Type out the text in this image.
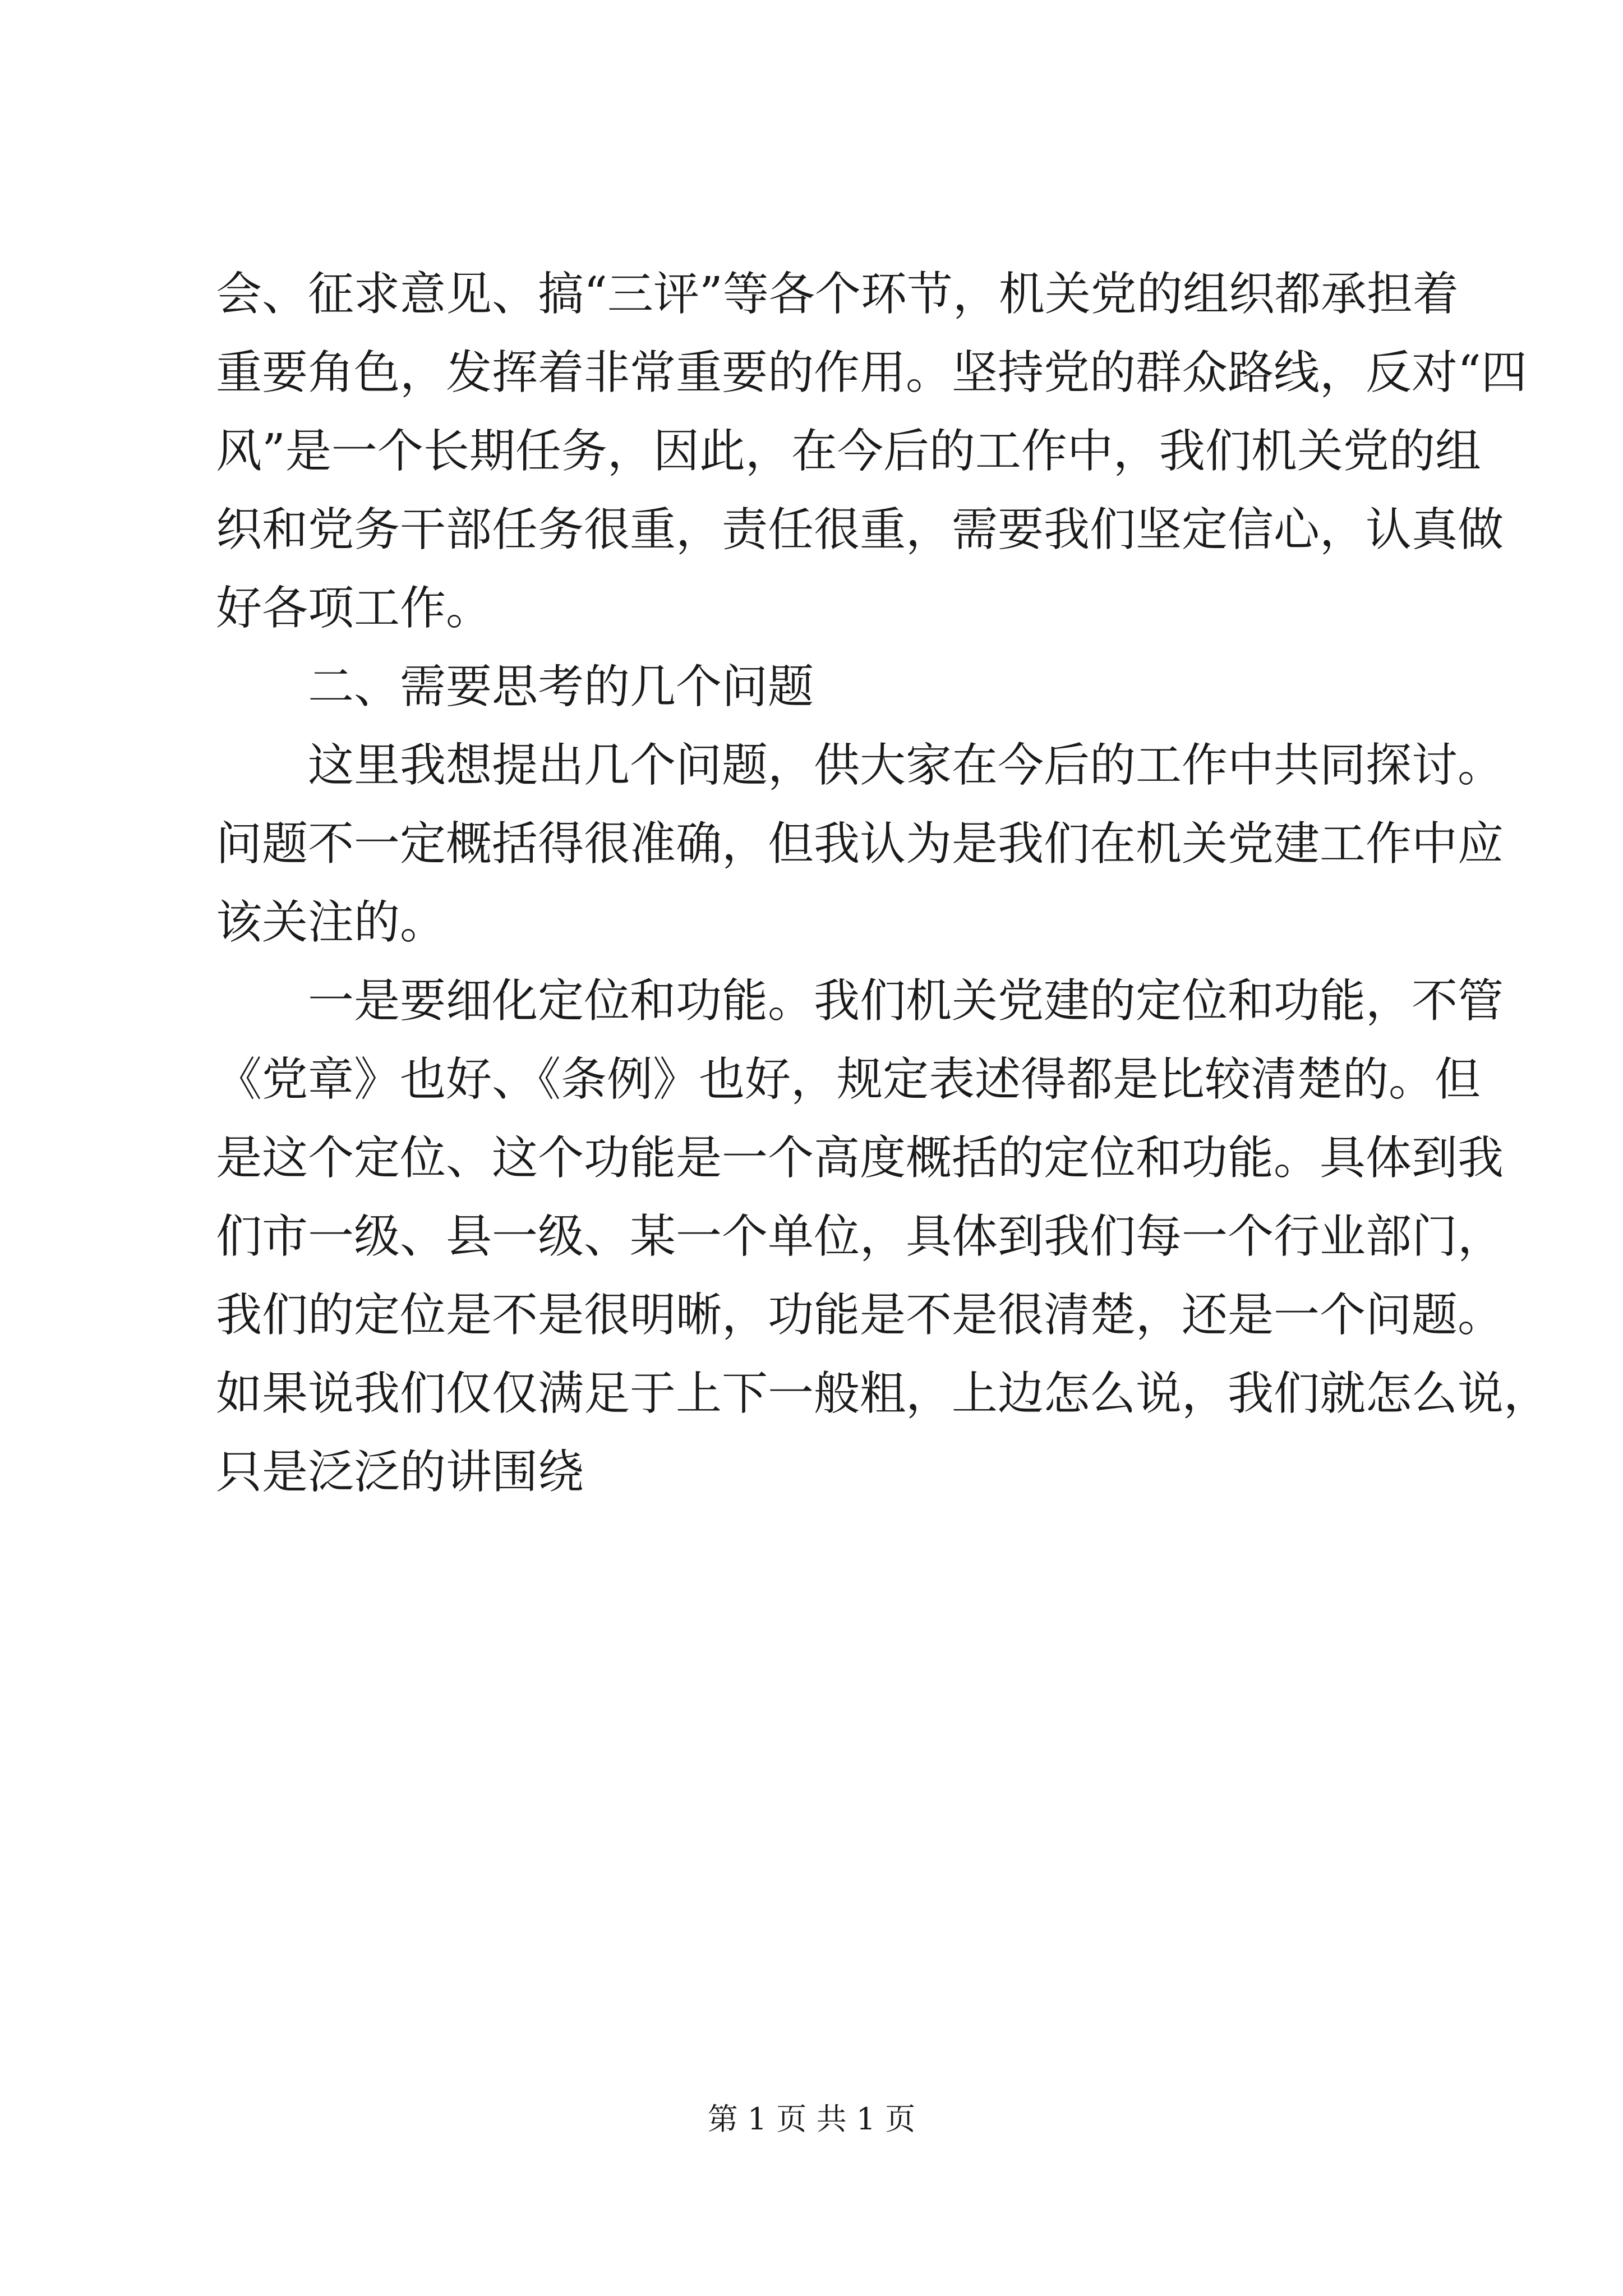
会、征求意见、搞“三评”等各个环节，机关党的组织都承担着
重要角色，发挥着非常重要的作用。坚持党的群众路线，反对“四
风”是一个长期任务，因此，在今后的工作中，我们机关党的组
织和党务干部任务很重，责任很重，需要我们坚定信心，认真做
好各项工作。
二、需要思考的几个问题
这里我想提出几个问题，供大家在今后的工作中共同探讨。
问题不一定概括得很准确，但我认为是我们在机关党建工作中应
该关注的。
一是要细化定位和功能。我们机关党建的定位和功能，不管
《党章》也好、《条例》也好，规定表述得都是比较清楚的。但
是这个定位、这个功能是一个高度概括的定位和功能。具体到我
们市一级、县一级、某一个单位，具体到我们每一个行业部门，
我们的定位是不是很明晰，功能是不是很清楚，还是一个问题。
如果说我们仅仅满足于上下一般粗，上边怎么说，我们就怎么说，
只是泛泛的讲围绕
第 1 页 共 1 页
